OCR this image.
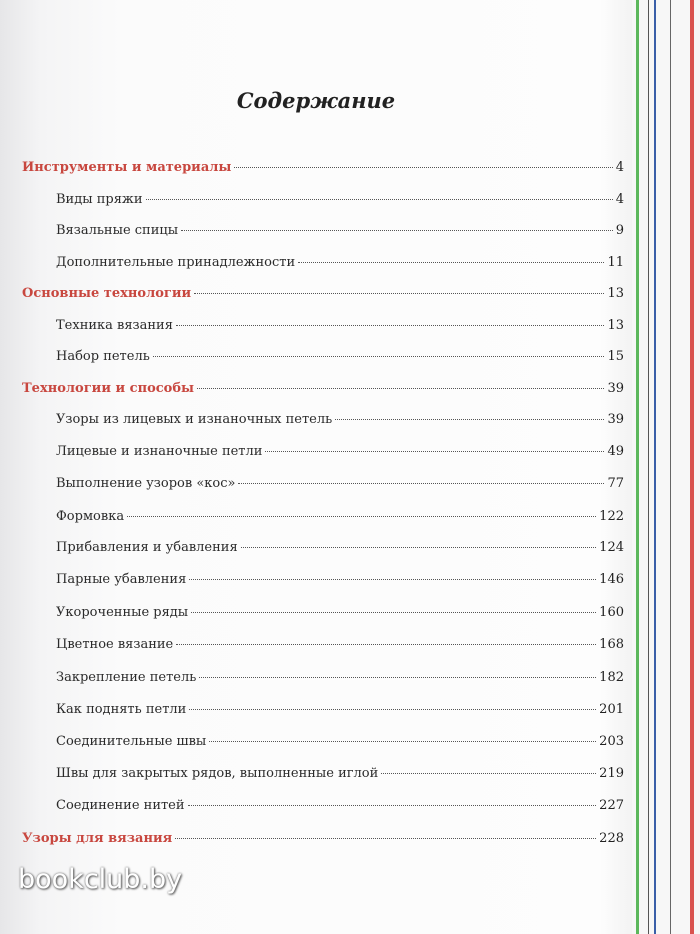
Содержание
Инструменты и материалы	4
Виды пряжи	4
Вязальные спицы	9
Дополнительные принадлежности	11
Основные технологии	13
Техника вязания	13
Набор петель	15
Технологии и способы	39
Узоры из лицевых и изнаночных петель	39
Лицевые и изнаночные петли	49
Выполнение узоров «кос»	77
Формовка	122
Прибавления и убавления	124
Парные убавления	146
Укороченные ряды	160
Цветное вязание	168
Закрепление петель	182
Как поднять петли	201
Соединительные швы	203
Швы для закрытых рядов, выполненные иглой	219
Соединение нитей	227
Узоры для вязания	228
bookclub.by
